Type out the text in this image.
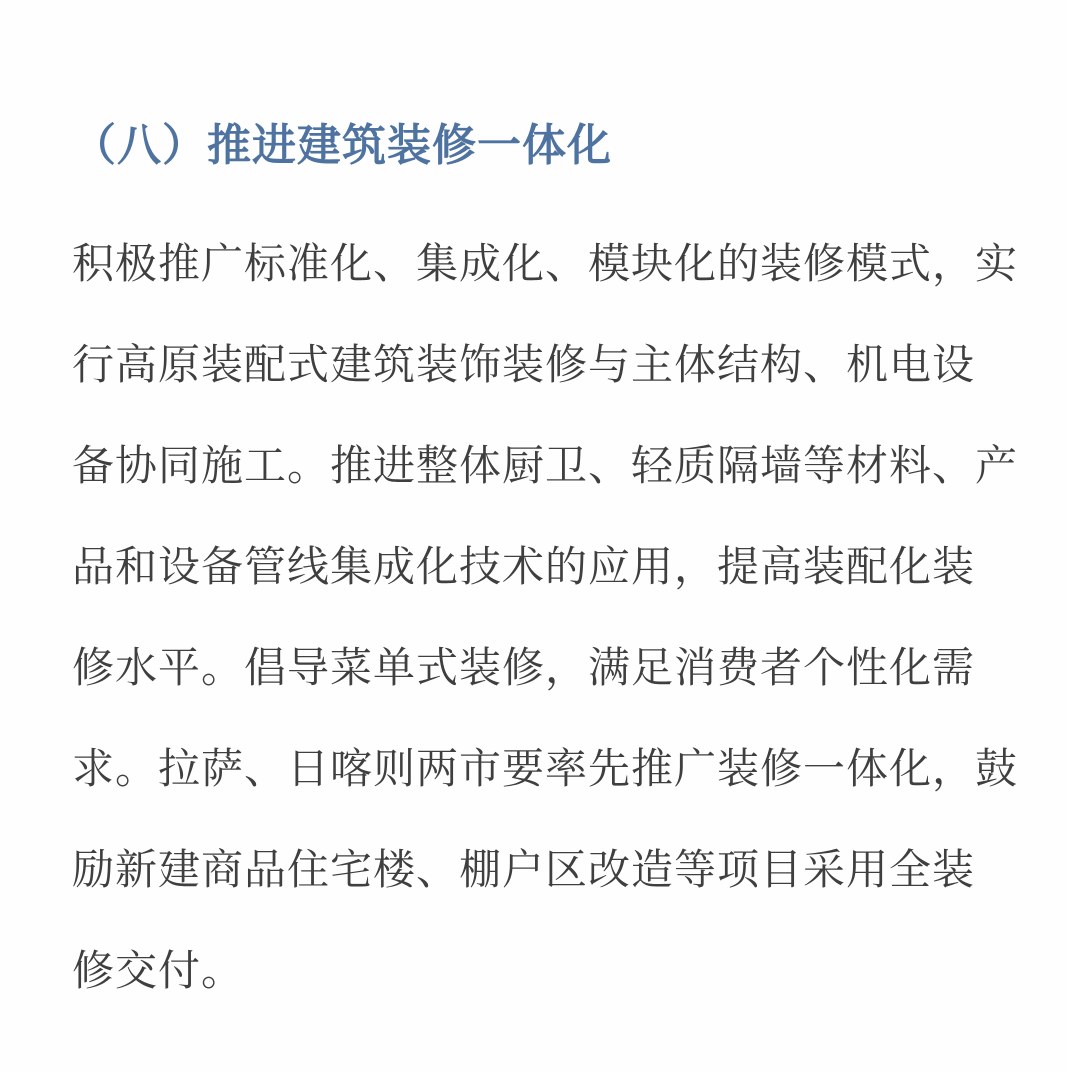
（八）推进建筑装修一体化
积极推广标准化、集成化、模块化的装修模式，实
行高原装配式建筑装饰装修与主体结构、机电设
备协同施工。推进整体厨卫、轻质隔墙等材料、产
品和设备管线集成化技术的应用，提高装配化装
修水平。倡导菜单式装修，满足消费者个性化需
求。拉萨、日喀则两市要率先推广装修一体化，鼓
励新建商品住宅楼、棚户区改造等项目采用全装
修交付。
